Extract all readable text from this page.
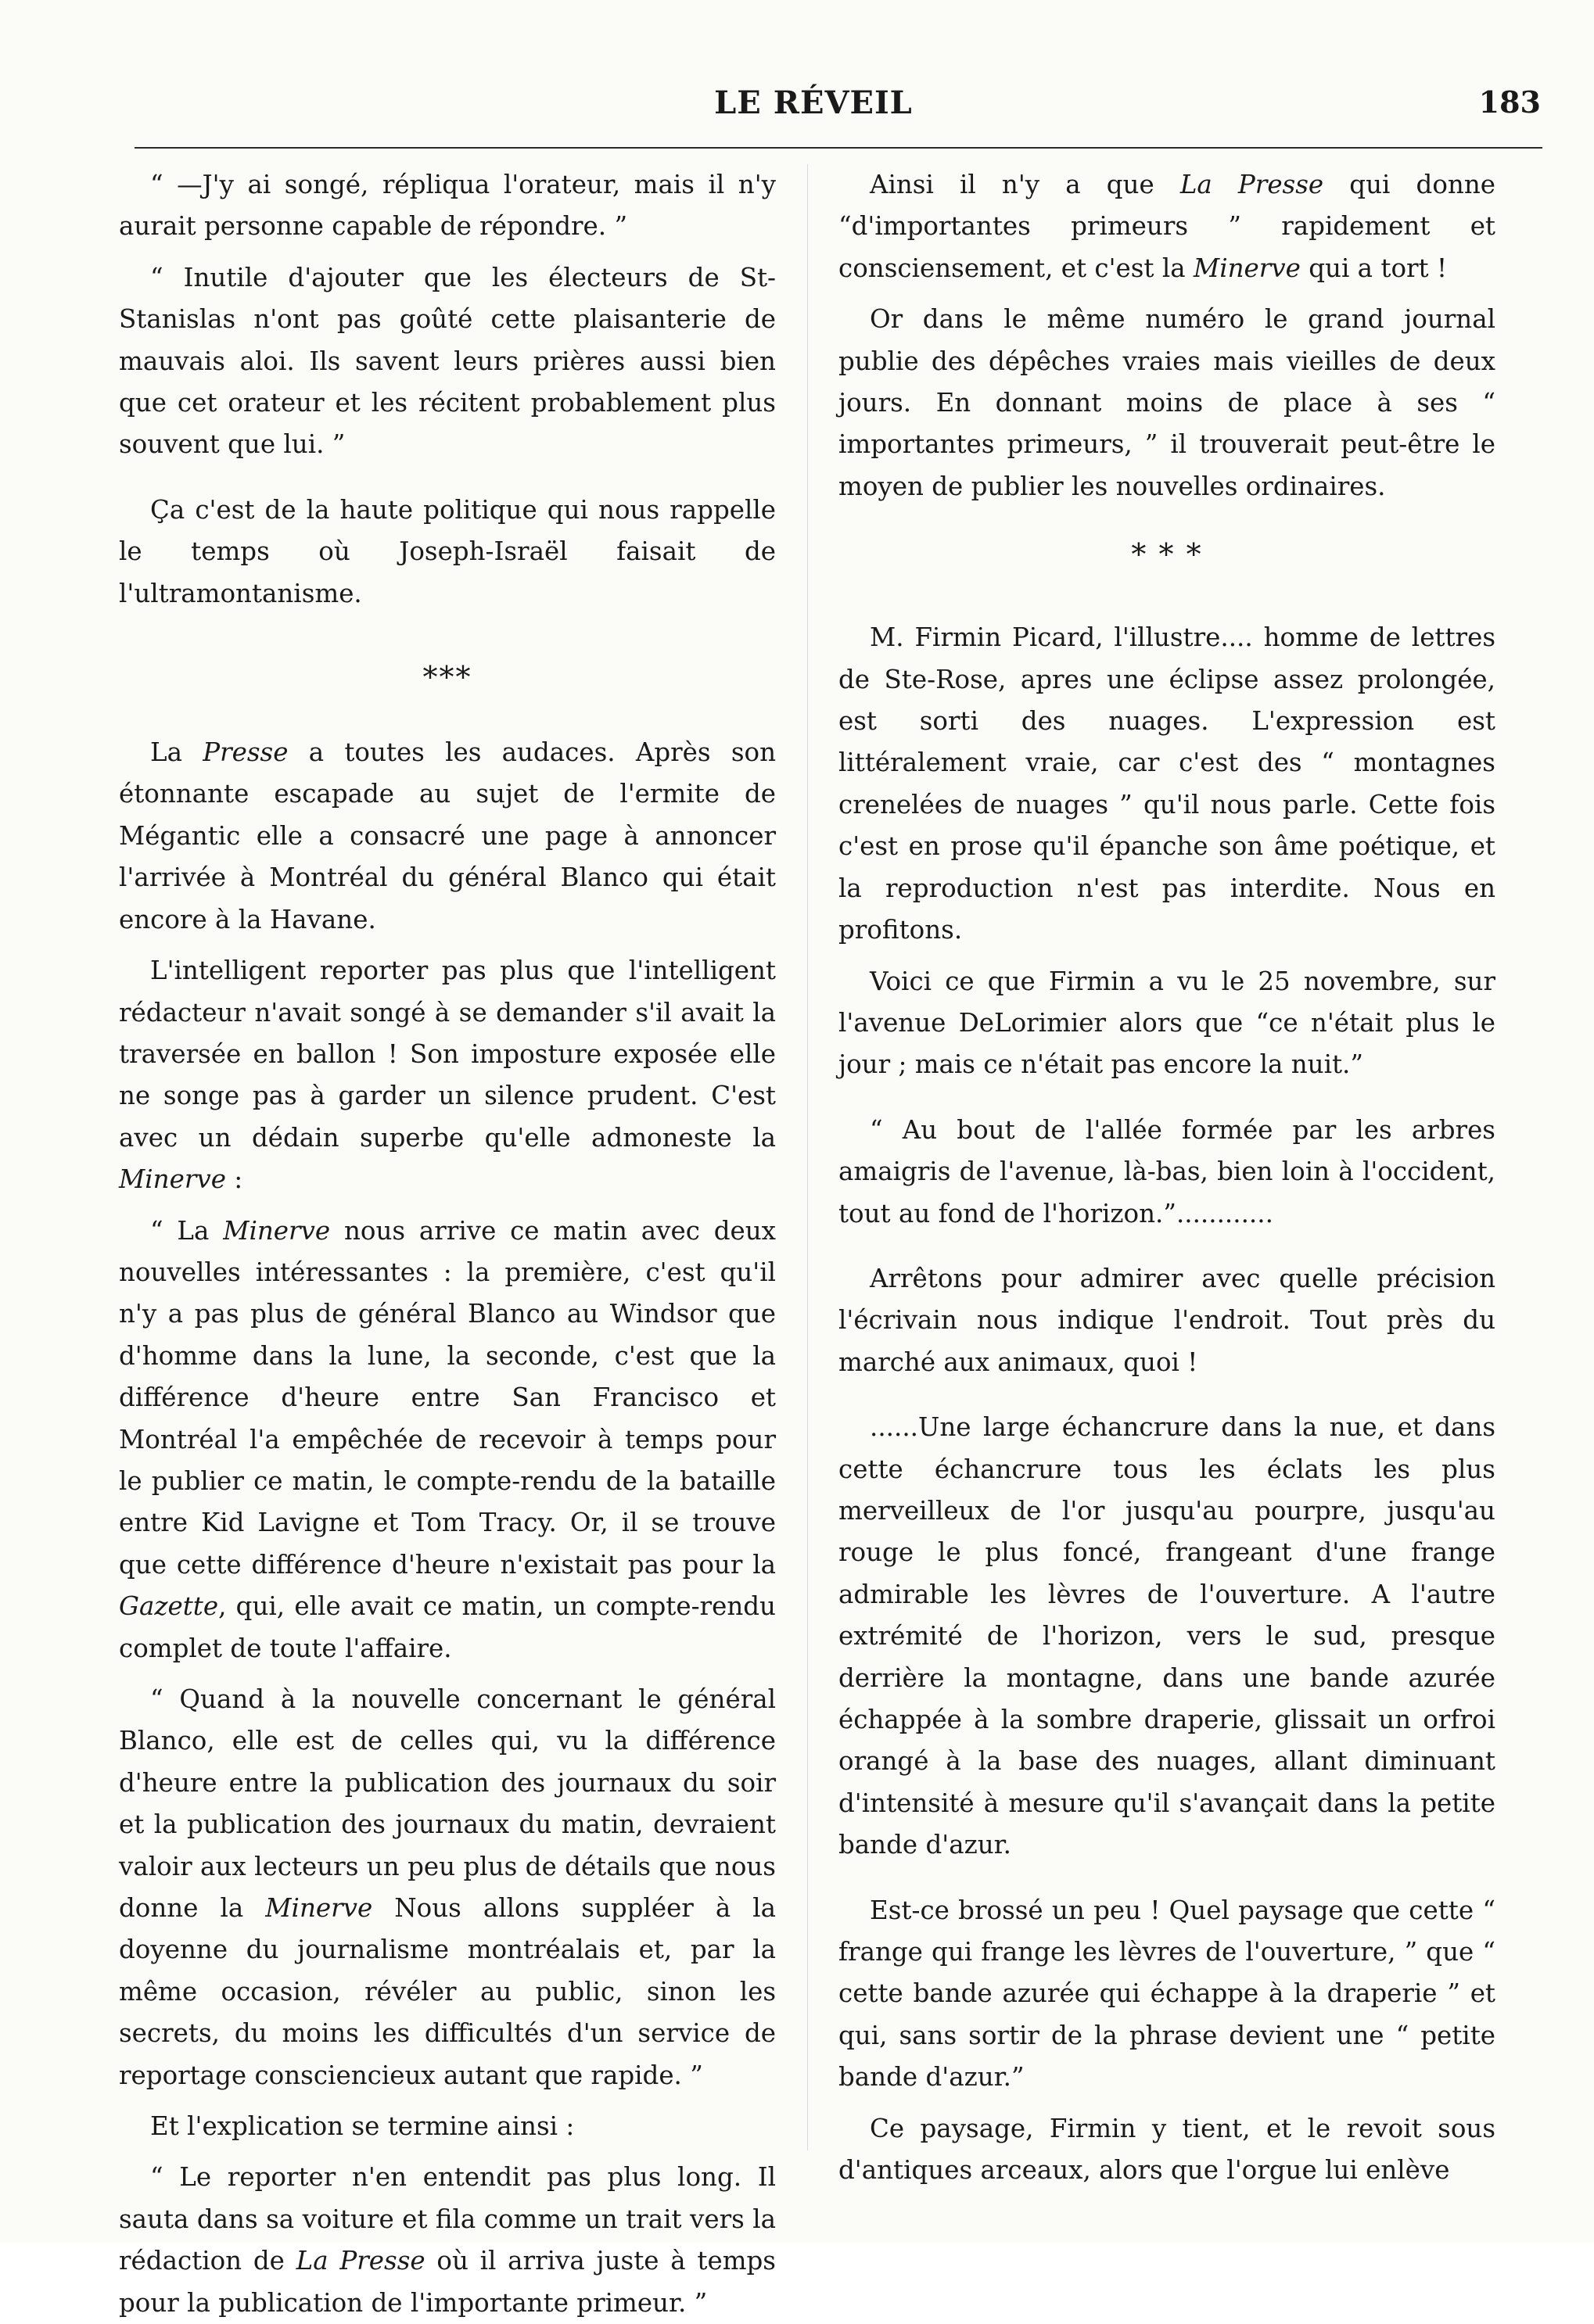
LE RÉVEIL	183

“ —J'y ai songé, répliqua l'orateur, mais il n'y aurait personne capable de répondre. ”

“ Inutile d'ajouter que les électeurs de St-Stanislas n'ont pas goûté cette plaisanterie de mauvais aloi. Ils savent leurs prières aussi bien que cet orateur et les récitent probablement plus souvent que lui. ”

Ça c'est de la haute politique qui nous rappelle le temps où Joseph-Israël faisait de l'ultramontanisme.

***

La Presse a toutes les audaces. Après son étonnante escapade au sujet de l'ermite de Mégantic elle a consacré une page à annoncer l'arrivée à Montréal du général Blanco qui était encore à la Havane.

L'intelligent reporter pas plus que l'intelligent rédacteur n'avait songé à se demander s'il avait la traversée en ballon ! Son imposture exposée elle ne songe pas à garder un silence prudent. C'est avec un dédain superbe qu'elle admoneste la Minerve :

“ La Minerve nous arrive ce matin avec deux nouvelles intéressantes : la première, c'est qu'il n'y a pas plus de général Blanco au Windsor que d'homme dans la lune, la seconde, c'est que la différence d'heure entre San Francisco et Montréal l'a empêchée de recevoir à temps pour le publier ce matin, le compte-rendu de la bataille entre Kid Lavigne et Tom Tracy. Or, il se trouve que cette différence d'heure n'existait pas pour la Gazette, qui, elle avait ce matin, un compte-rendu complet de toute l'affaire.

“ Quand à la nouvelle concernant le général Blanco, elle est de celles qui, vu la différence d'heure entre la publication des journaux du soir et la publication des journaux du matin, devraient valoir aux lecteurs un peu plus de détails que nous donne la Minerve Nous allons suppléer à la doyenne du journalisme montréalais et, par la même occasion, révéler au public, sinon les secrets, du moins les difficultés d'un service de reportage consciencieux autant que rapide. ”

Et l'explication se termine ainsi :

“ Le reporter n'en entendit pas plus long. Il sauta dans sa voiture et fila comme un trait vers la rédaction de La Presse où il arriva juste à temps pour la publication de l'importante primeur. ”

Ainsi il n'y a que La Presse qui donne “d'importantes primeurs ” rapidement et consciensement, et c'est la Minerve qui a tort !

Or dans le même numéro le grand journal publie des dépêches vraies mais vieilles de deux jours. En donnant moins de place à ses “ importantes primeurs, ” il trouverait peut-être le moyen de publier les nouvelles ordinaires.

* * *

M. Firmin Picard, l'illustre.... homme de lettres de Ste-Rose, apres une éclipse assez prolongée, est sorti des nuages. L'expression est littéralement vraie, car c'est des “ montagnes crenelées de nuages ” qu'il nous parle. Cette fois c'est en prose qu'il épanche son âme poétique, et la reproduction n'est pas interdite. Nous en profitons.

Voici ce que Firmin a vu le 25 novembre, sur l'avenue DeLorimier alors que “ce n'était plus le jour ; mais ce n'était pas encore la nuit.”

“ Au bout de l'allée formée par les arbres amaigris de l'avenue, là-bas, bien loin à l'occident, tout au fond de l'horizon.”............

Arrêtons pour admirer avec quelle précision l'écrivain nous indique l'endroit. Tout près du marché aux animaux, quoi !

......Une large échancrure dans la nue, et dans cette échancrure tous les éclats les plus merveilleux de l'or jusqu'au pourpre, jusqu'au rouge le plus foncé, frangeant d'une frange admirable les lèvres de l'ouverture. A l'autre extrémité de l'horizon, vers le sud, presque derrière la montagne, dans une bande azurée échappée à la sombre draperie, glissait un orfroi orangé à la base des nuages, allant diminuant d'intensité à mesure qu'il s'avançait dans la petite bande d'azur.

Est-ce brossé un peu ! Quel paysage que cette “ frange qui frange les lèvres de l'ouverture, ” que “ cette bande azurée qui échappe à la draperie ” et qui, sans sortir de la phrase devient une “ petite bande d'azur.”

Ce paysage, Firmin y tient, et le revoit sous d'antiques arceaux, alors que l'orgue lui enlève
